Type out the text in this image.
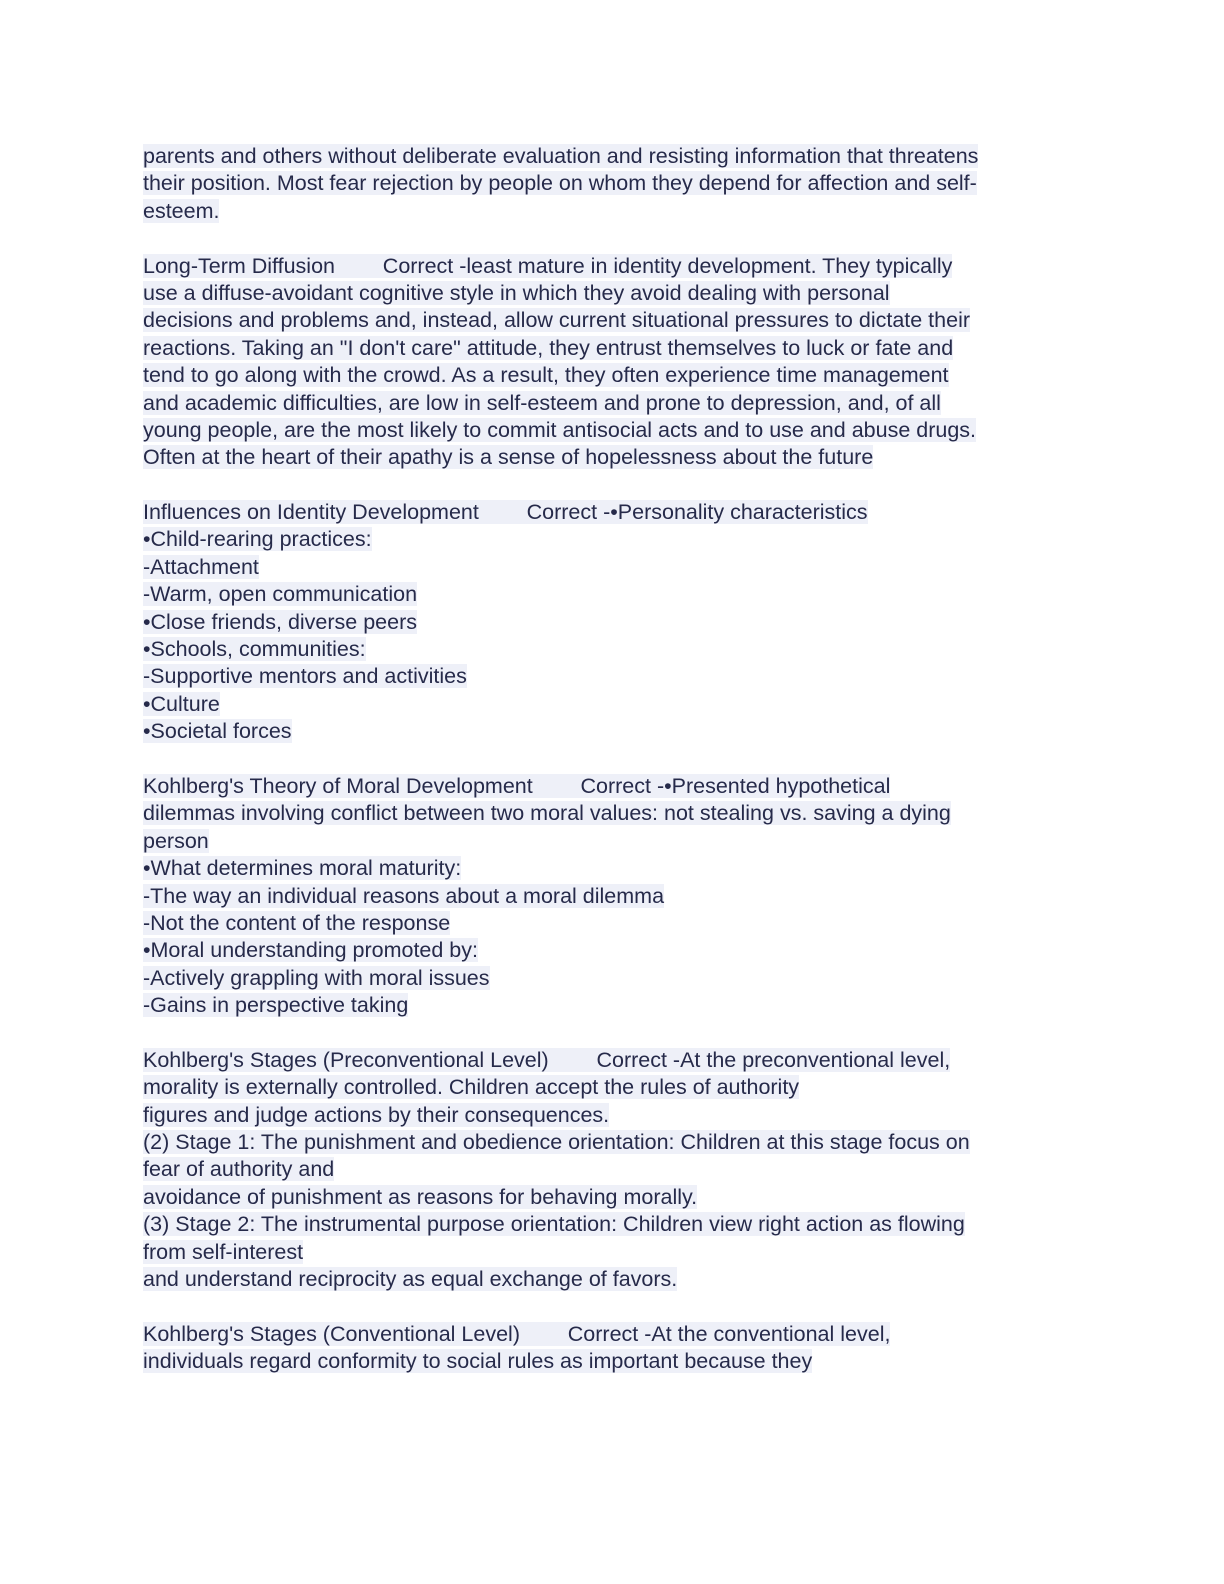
parents and others without deliberate evaluation and resisting information that threatens
their position. Most fear rejection by people on whom they depend for affection and self-
esteem.
Long-Term Diffusion        Correct -least mature in identity development. They typically
use a diffuse-avoidant cognitive style in which they avoid dealing with personal
decisions and problems and, instead, allow current situational pressures to dictate their
reactions. Taking an "I don't care" attitude, they entrust themselves to luck or fate and
tend to go along with the crowd. As a result, they often experience time management
and academic difficulties, are low in self-esteem and prone to depression, and, of all
young people, are the most likely to commit antisocial acts and to use and abuse drugs.
Often at the heart of their apathy is a sense of hopelessness about the future
Influences on Identity Development        Correct -•Personality characteristics
•Child-rearing practices:
-Attachment
-Warm, open communication
•Close friends, diverse peers
•Schools, communities:
-Supportive mentors and activities
•Culture
•Societal forces
Kohlberg's Theory of Moral Development        Correct -•Presented hypothetical
dilemmas involving conflict between two moral values: not stealing vs. saving a dying
person
•What determines moral maturity:
-The way an individual reasons about a moral dilemma
-Not the content of the response
•Moral understanding promoted by:
-Actively grappling with moral issues
-Gains in perspective taking
Kohlberg's Stages (Preconventional Level)        Correct -At the preconventional level,
morality is externally controlled. Children accept the rules of authority
figures and judge actions by their consequences.
(2) Stage 1: The punishment and obedience orientation: Children at this stage focus on
fear of authority and
avoidance of punishment as reasons for behaving morally.
(3) Stage 2: The instrumental purpose orientation: Children view right action as flowing
from self-interest
and understand reciprocity as equal exchange of favors.
Kohlberg's Stages (Conventional Level)        Correct -At the conventional level,
individuals regard conformity to social rules as important because they
